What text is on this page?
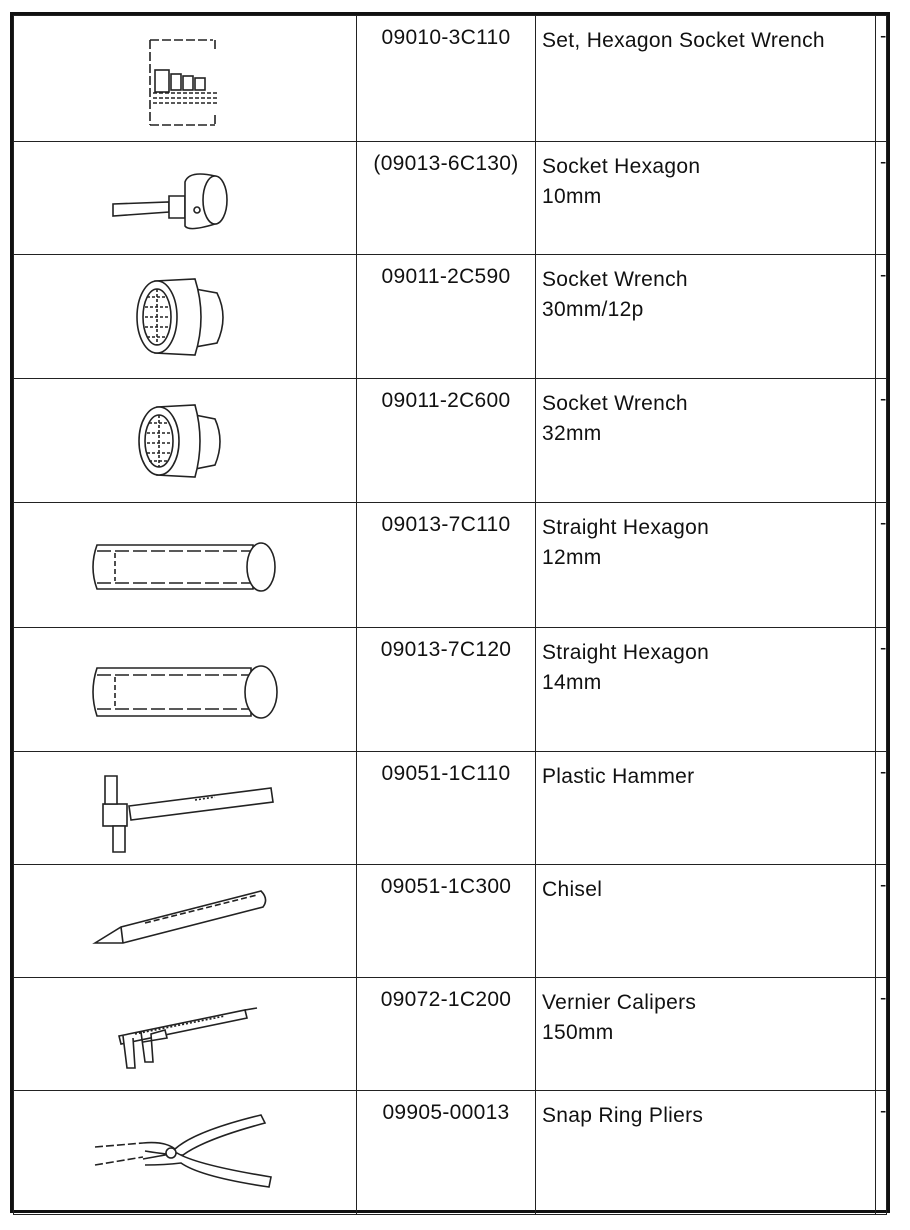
	09010-3C110	Set, Hexagon Socket Wrench	-

	(09013-6C130)	Socket Hexagon
10mm	-

	09011-2C590	Socket Wrench
30mm/12p	-

	09011-2C600	Socket Wrench
32mm	-

	09013-7C110	Straight Hexagon
12mm	-

	09013-7C120	Straight Hexagon
14mm	-

	09051-1C110	Plastic Hammer	-

	09051-1C300	Chisel	-

	09072-1C200	Vernier Calipers
150mm	-

	09905-00013	Snap Ring Pliers	-
